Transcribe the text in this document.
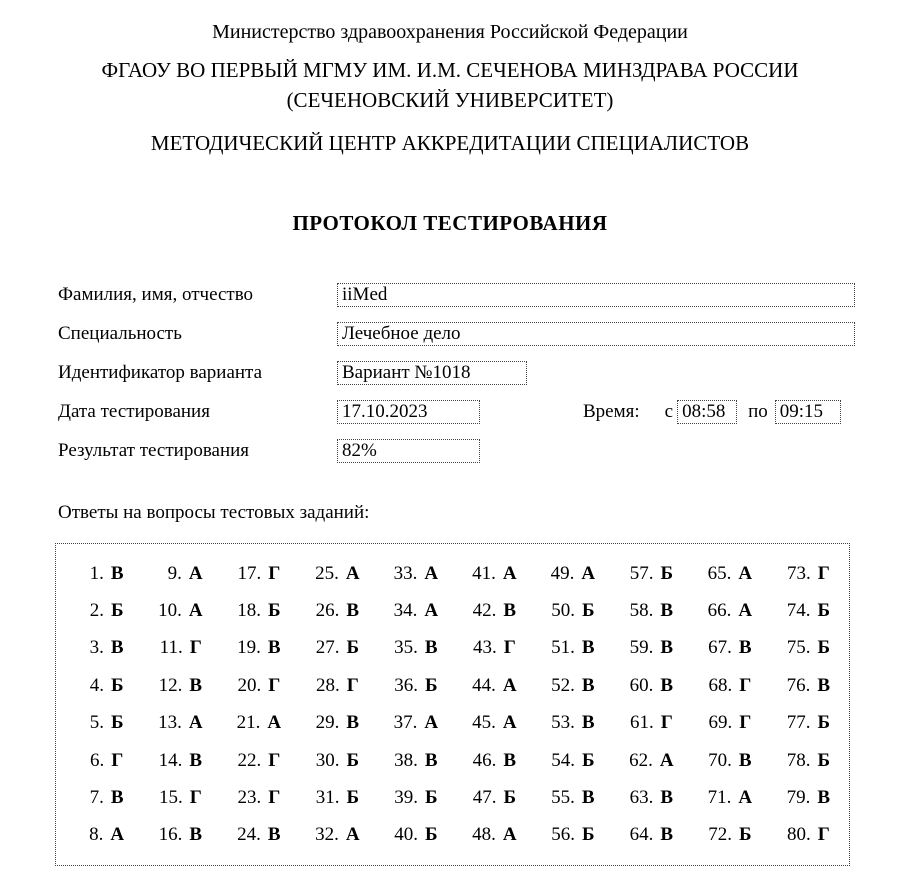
Министерство здравоохранения Российской Федерации
ФГАОУ ВО ПЕРВЫЙ МГМУ ИМ. И.М. СЕЧЕНОВА МИНЗДРАВА РОССИИ
(СЕЧЕНОВСКИЙ УНИВЕРСИТЕТ)
МЕТОДИЧЕСКИЙ ЦЕНТР АККРЕДИТАЦИИ СПЕЦИАЛИСТОВ
ПРОТОКОЛ ТЕСТИРОВАНИЯ
Фамилия, имя, отчество	iiMed
Специальность	Лечебное дело
Идентификатор варианта	Вариант №1018
Дата тестирования	17.10.2023	Время: с 08:58	по 09:15
Результат тестирования	82%
Ответы на вопросы тестовых заданий:
1. В	9. А	17. Г	25. А	33. А	41. А	49. А	57. Б	65. А	73. Г
2. Б	10. А	18. Б	26. В	34. А	42. В	50. Б	58. В	66. А	74. Б
3. В	11. Г	19. В	27. Б	35. В	43. Г	51. В	59. В	67. В	75. Б
4. Б	12. В	20. Г	28. Г	36. Б	44. А	52. В	60. В	68. Г	76. В
5. Б	13. А	21. А	29. В	37. А	45. А	53. В	61. Г	69. Г	77. Б
6. Г	14. В	22. Г	30. Б	38. В	46. В	54. Б	62. А	70. В	78. Б
7. В	15. Г	23. Г	31. Б	39. Б	47. Б	55. В	63. В	71. А	79. В
8. А	16. В	24. В	32. А	40. Б	48. А	56. Б	64. В	72. Б	80. Г
